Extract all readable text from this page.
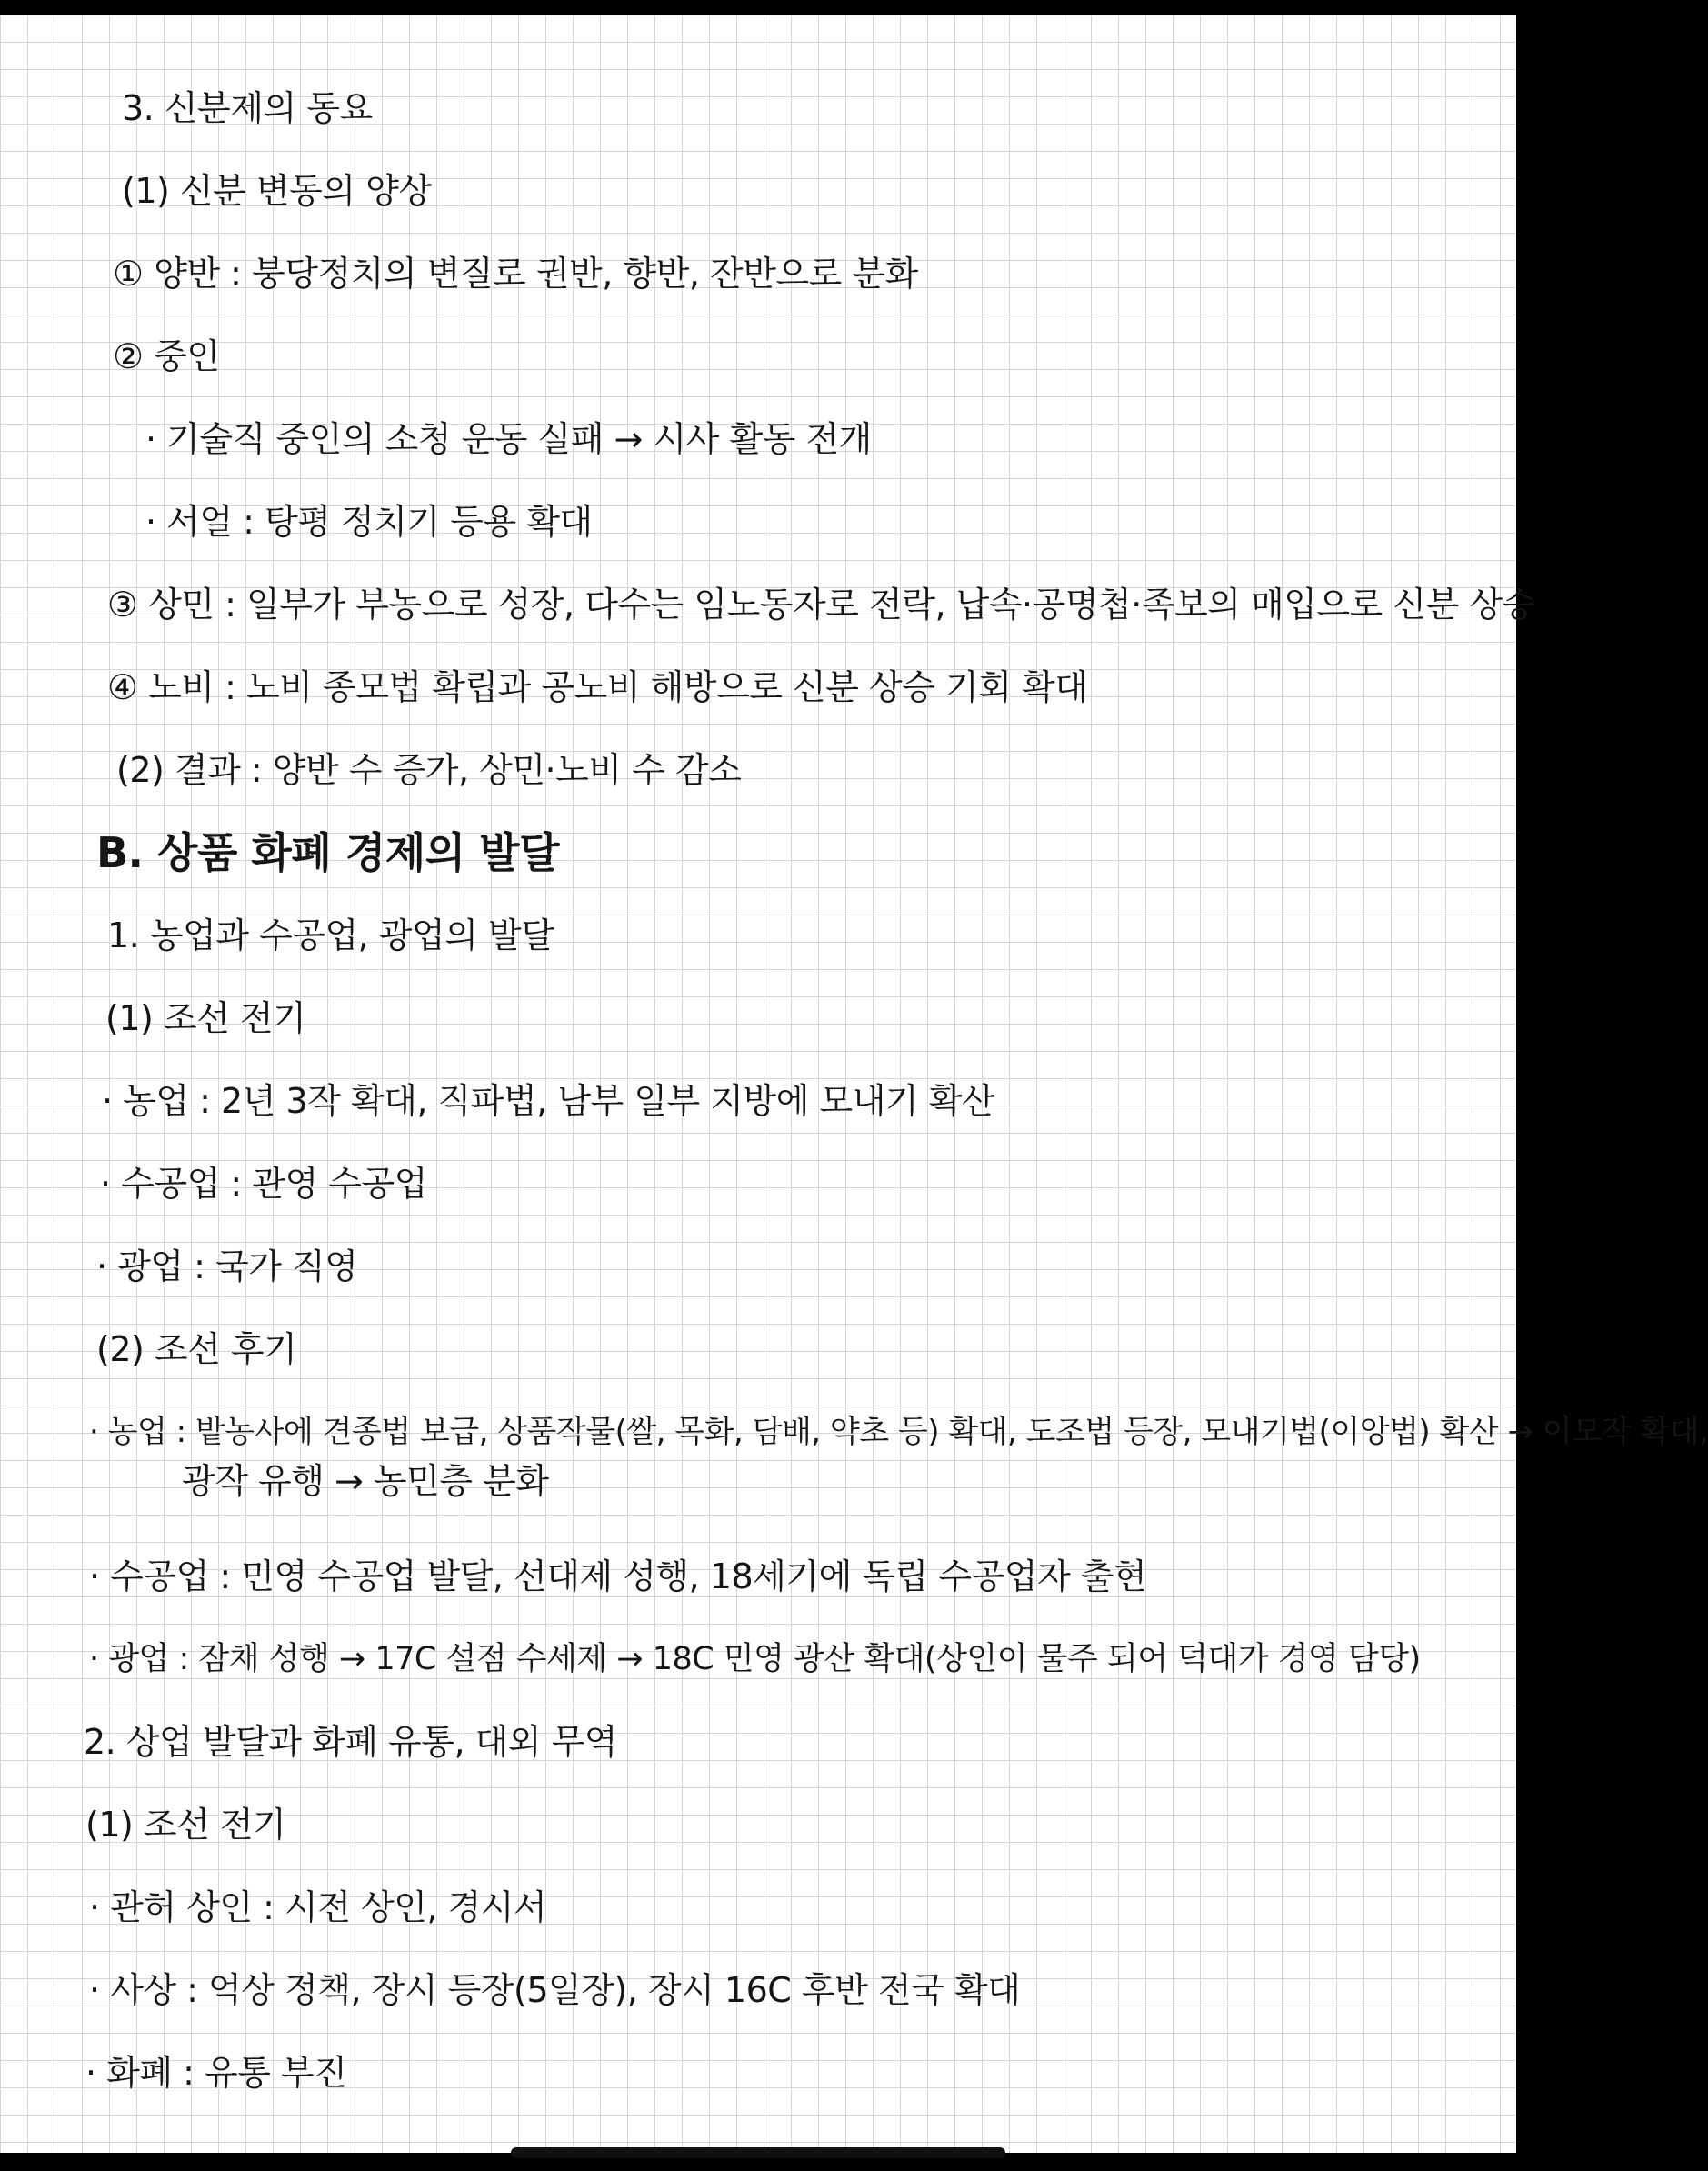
3. 신분제의 동요
(1) 신분 변동의 양상
① 양반 : 붕당정치의 변질로 권반, 향반, 잔반으로 분화
② 중인
· 기술직 중인의 소청 운동 실패 → 시사 활동 전개
· 서얼 : 탕평 정치기 등용 확대
③ 상민 : 일부가 부농으로 성장, 다수는 임노동자로 전락, 납속·공명첩·족보의 매입으로 신분 상승
④ 노비 : 노비 종모법 확립과 공노비 해방으로 신분 상승 기회 확대
(2) 결과 : 양반 수 증가, 상민·노비 수 감소
B. 상품 화폐 경제의 발달
1. 농업과 수공업, 광업의 발달
(1) 조선 전기
· 농업 : 2년 3작 확대, 직파법, 남부 일부 지방에 모내기 확산
· 수공업 : 관영 수공업
· 광업 : 국가 직영
(2) 조선 후기
· 농업 : 밭농사에 견종법 보급, 상품작물(쌀, 목화, 담배, 약초 등) 확대, 도조법 등장, 모내기법(이앙법) 확산 → 이모작 확대,
광작 유행 → 농민층 분화
· 수공업 : 민영 수공업 발달, 선대제 성행, 18세기에 독립 수공업자 출현
· 광업 : 잠채 성행 → 17C 설점 수세제 → 18C 민영 광산 확대(상인이 물주 되어 덕대가 경영 담당)
2. 상업 발달과 화폐 유통, 대외 무역
(1) 조선 전기
· 관허 상인 : 시전 상인, 경시서
· 사상 : 억상 정책, 장시 등장(5일장), 장시 16C 후반 전국 확대
· 화폐 : 유통 부진
